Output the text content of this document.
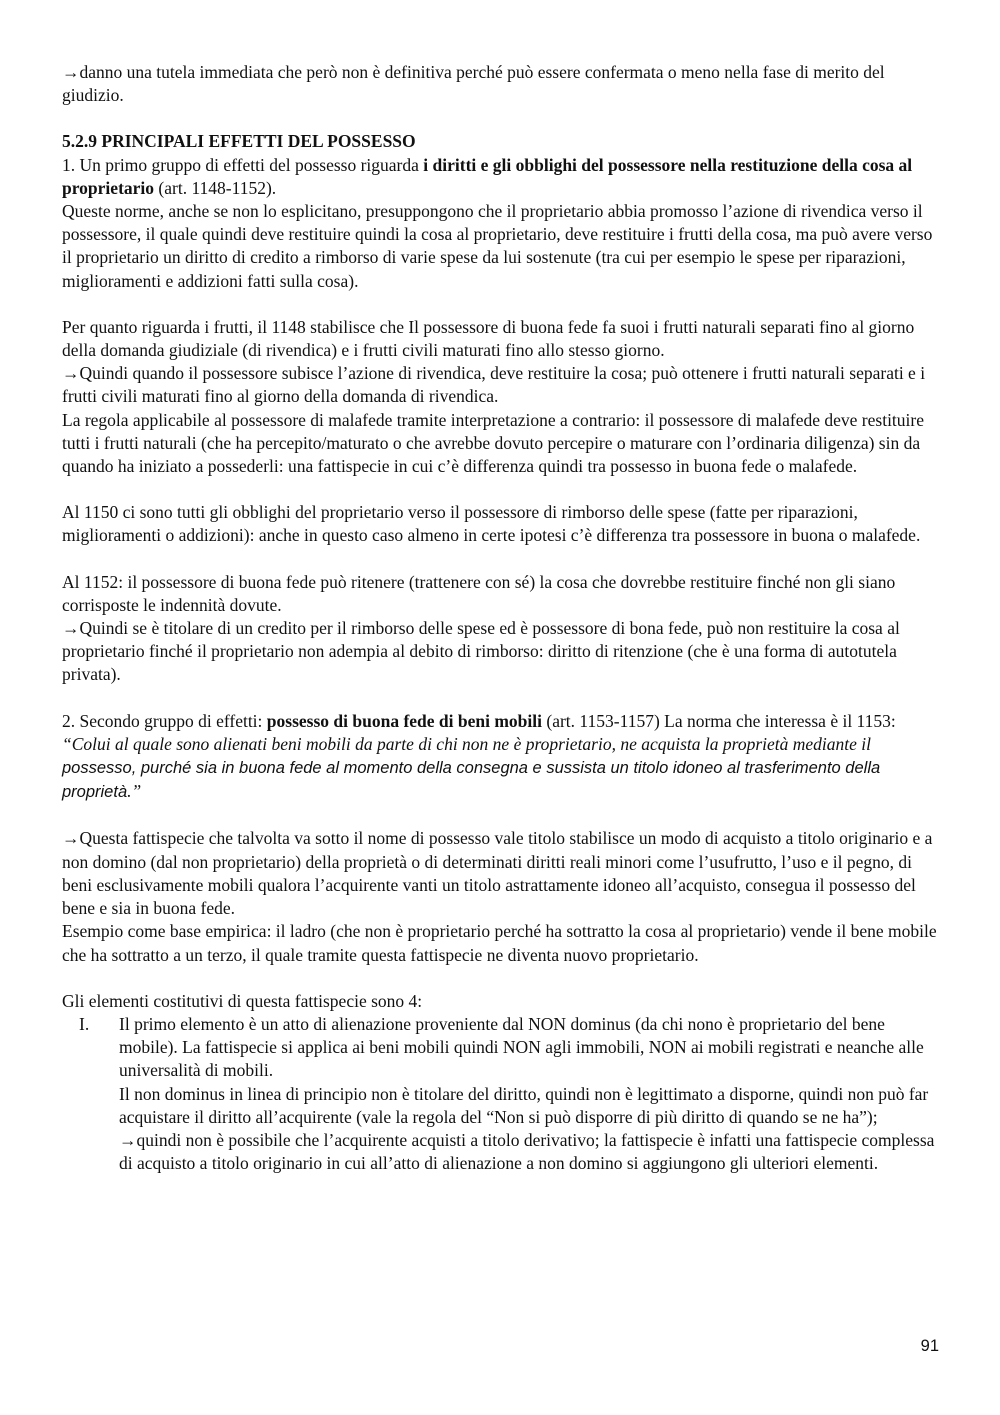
→danno una tutela immediata che però non è definitiva perché può essere confermata o meno nella fase di merito del giudizio.

5.2.9 PRINCIPALI EFFETTI DEL POSSESSO

1. Un primo gruppo di effetti del possesso riguarda i diritti e gli obblighi del possessore nella restituzione della cosa al proprietario (art. 1148-1152).

Queste norme, anche se non lo esplicitano, presuppongono che il proprietario abbia promosso l’azione di rivendica verso il possessore, il quale quindi deve restituire quindi la cosa al proprietario, deve restituire i frutti della cosa, ma può avere verso il proprietario un diritto di credito a rimborso di varie spese da lui sostenute (tra cui per esempio le spese per riparazioni, miglioramenti e addizioni fatti sulla cosa).

Per quanto riguarda i frutti, il 1148 stabilisce che Il possessore di buona fede fa suoi i frutti naturali separati fino al giorno della domanda giudiziale (di rivendica) e i frutti civili maturati fino allo stesso giorno.

→Quindi quando il possessore subisce l’azione di rivendica, deve restituire la cosa; può ottenere i frutti naturali separati e i frutti civili maturati fino al giorno della domanda di rivendica.

La regola applicabile al possessore di malafede tramite interpretazione a contrario: il possessore di malafede deve restituire tutti i frutti naturali (che ha percepito/maturato o che avrebbe dovuto percepire o maturare con l’ordinaria diligenza) sin da quando ha iniziato a possederli: una fattispecie in cui c’è differenza quindi tra possesso in buona fede o malafede.

Al 1150 ci sono tutti gli obblighi del proprietario verso il possessore di rimborso delle spese (fatte per riparazioni, miglioramenti o addizioni): anche in questo caso almeno in certe ipotesi c’è differenza tra possessore in buona o malafede.

Al 1152: il possessore di buona fede può ritenere (trattenere con sé) la cosa che dovrebbe restituire finché non gli siano corrisposte le indennità dovute.

→Quindi se è titolare di un credito per il rimborso delle spese ed è possessore di bona fede, può non restituire la cosa al proprietario finché il proprietario non adempia al debito di rimborso: diritto di ritenzione (che è una forma di autotutela privata).

2. Secondo gruppo di effetti: possesso di buona fede di beni mobili (art. 1153-1157) La norma che interessa è il 1153:

“Colui al quale sono alienati beni mobili da parte di chi non ne è proprietario, ne acquista la proprietà mediante il possesso, purché sia in buona fede al momento della consegna e sussista un titolo idoneo al trasferimento della proprietà.”

→Questa fattispecie che talvolta va sotto il nome di possesso vale titolo stabilisce un modo di acquisto a titolo originario e a non domino (dal non proprietario) della proprietà o di determinati diritti reali minori come l’usufrutto, l’uso e il pegno, di beni esclusivamente mobili qualora l’acquirente vanti un titolo astrattamente idoneo all’acquisto, consegua il possesso del bene e sia in buona fede.

Esempio come base empirica: il ladro (che non è proprietario perché ha sottratto la cosa al proprietario) vende il bene mobile che ha sottratto a un terzo, il quale tramite questa fattispecie ne diventa nuovo proprietario.

Gli elementi costitutivi di questa fattispecie sono 4:

I. Il primo elemento è un atto di alienazione proveniente dal NON dominus (da chi nono è proprietario del bene mobile). La fattispecie si applica ai beni mobili quindi NON agli immobili, NON ai mobili registrati e neanche alle universalità di mobili.

Il non dominus in linea di principio non è titolare del diritto, quindi non è legittimato a disporne, quindi non può far acquistare il diritto all’acquirente (vale la regola del “Non si può disporre di più diritto di quando se ne ha”);

→quindi non è possibile che l’acquirente acquisti a titolo derivativo; la fattispecie è infatti una fattispecie complessa di acquisto a titolo originario in cui all’atto di alienazione a non domino si aggiungono gli ulteriori elementi.

91
